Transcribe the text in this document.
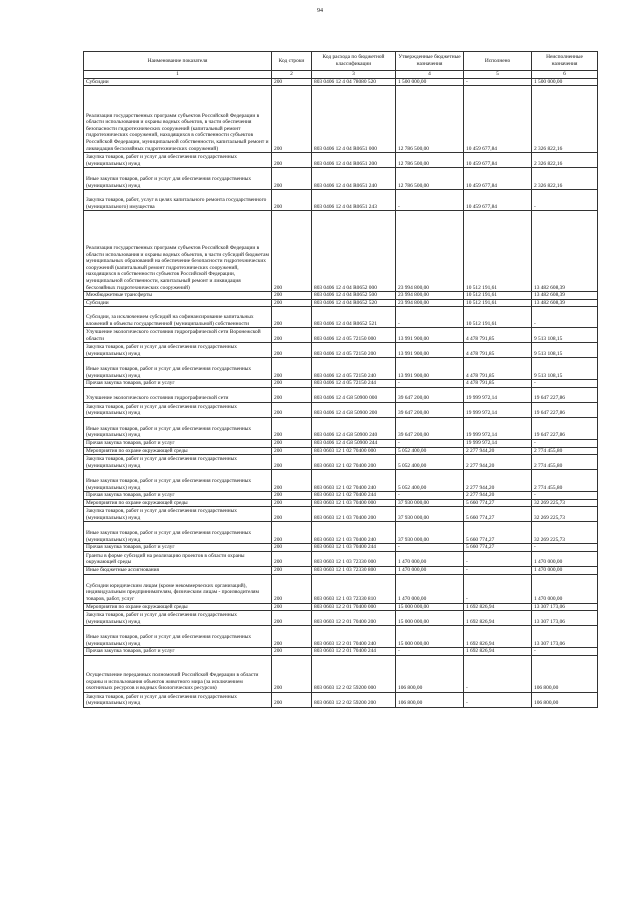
94
Наименование показателя	Код строки	Код расхода по бюджетной классификации	Утвержденные бюджетные назначения	Исполнено	Неисполненные назначения
1	2	3	4	5	6
Субсидии	200	803 0406 12 4 04 78080 520	1 500 000,00	-	1 500 000,00
Реализация государственных программ субъектов Российской Федерации в области использования и охраны водных объектов, в части обеспечения безопасности гидротехнических сооружений (капитальный ремонт гидротехнических сооружений, находящихся в собственности субъектов Российской Федерации, муниципальной собственности, капитальный ремонт и ликвидация бесхозяйных гидротехнических сооружений)	200	803 0406 12 4 04 R0651 000	12 786 500,00	10 459 677,84	2 326 822,16
Закупка товаров, работ и услуг для обеспечения государственных (муниципальных) нужд	200	803 0406 12 4 04 R0651 200	12 786 500,00	10 459 677,84	2 326 822,16
Иные закупки товаров, работ и услуг для обеспечения государственных (муниципальных) нужд	200	803 0406 12 4 04 R0651 240	12 786 500,00	10 459 677,84	2 326 822,16
Закупка товаров, работ, услуг в целях капитального ремонта государственного (муниципального) имущества	200	803 0406 12 4 04 R0651 243	-	10 459 677,84	-
Реализация государственных программ субъектов Российской Федерации в области использования и охраны водных объектов, в части субсидий бюджетам муниципальных образований на обеспечение безопасности гидротехнических сооружений (капитальный ремонт гидротехнических сооружений, находящихся в собственности субъектов Российской Федерации, муниципальной собственности, капитальный ремонт и ликвидация бесхозяйных гидротехнических сооружений)	200	803 0406 12 4 04 R0652 000	23 994 800,00	10 512 191,61	13 482 608,39
Межбюджетные трансферты	200	803 0406 12 4 04 R0652 500	23 994 800,00	10 512 191,61	13 482 608,39
Субсидии	200	803 0406 12 4 04 R0652 520	23 994 800,00	10 512 191,61	13 482 608,39
Субсидии, за исключением субсидий на софинансирование капитальных вложений в объекты государственной (муниципальной) собственности	200	803 0406 12 4 04 R0652 521	-	10 512 191,61	-
Улучшение экологического состояния гидрографической сети Воронежской области	200	803 0406 12 4 05 72150 000	13 991 900,00	4 478 791,85	9 513 108,15
Закупка товаров, работ и услуг для обеспечения государственных (муниципальных) нужд	200	803 0406 12 4 05 72150 200	13 991 900,00	4 478 791,85	9 513 108,15
Иные закупки товаров, работ и услуг для обеспечения государственных (муниципальных) нужд	200	803 0406 12 4 05 72150 240	13 991 900,00	4 478 791,85	9 513 108,15
Прочая закупка товаров, работ и услуг	200	803 0406 12 4 05 72150 244	-	4 478 791,85	-
Улучшение экологического состояния гидрографической сети	200	803 0406 12 4 G8 50900 000	39 647 200,00	19 999 972,14	19 647 227,86
Закупка товаров, работ и услуг для обеспечения государственных (муниципальных) нужд	200	803 0406 12 4 G8 50900 200	39 647 200,00	19 999 972,14	19 647 227,86
Иные закупки товаров, работ и услуг для обеспечения государственных (муниципальных) нужд	200	803 0406 12 4 G8 50900 240	39 647 200,00	19 999 972,14	19 647 227,86
Прочая закупка товаров, работ и услуг	200	803 0406 12 4 G8 50900 244	-	19 999 972,14	-
Мероприятия по охране окружающей среды	200	803 0603 12 1 02 70400 000	5 052 400,00	2 277 944,20	2 774 455,80
Закупка товаров, работ и услуг для обеспечения государственных (муниципальных) нужд	200	803 0603 12 1 02 70400 200	5 052 400,00	2 277 944,20	2 774 455,80
Иные закупки товаров, работ и услуг для обеспечения государственных (муниципальных) нужд	200	803 0603 12 1 02 70400 240	5 052 400,00	2 277 944,20	2 774 455,80
Прочая закупка товаров, работ и услуг	200	803 0603 12 1 02 70400 244	-	2 277 944,20	-
Мероприятия по охране окружающей среды	200	803 0603 12 1 03 70400 000	37 930 000,00	5 660 774,27	32 269 225,73
Закупка товаров, работ и услуг для обеспечения государственных (муниципальных) нужд	200	803 0603 12 1 03 70400 200	37 930 000,00	5 660 774,27	32 269 225,73
Иные закупки товаров, работ и услуг для обеспечения государственных (муниципальных) нужд	200	803 0603 12 1 03 70400 240	37 930 000,00	5 660 774,27	32 269 225,73
Прочая закупка товаров, работ и услуг	200	803 0603 12 1 03 70400 244	-	5 660 774,27	-
Гранты в форме субсидий на реализацию проектов в области охраны окружающей среды	200	803 0603 12 1 03 72330 000	1 470 000,00	-	1 470 000,00
Иные бюджетные ассигнования	200	803 0603 12 1 03 72330 800	1 470 000,00	-	1 470 000,00
Субсидии юридическим лицам (кроме некоммерческих организаций), индивидуальным предпринимателям, физическим лицам - производителям товаров, работ, услуг	200	803 0603 12 1 03 72330 810	1 470 000,00	-	1 470 000,00
Мероприятия по охране окружающей среды	200	803 0603 12 2 01 70400 000	15 000 000,00	1 692 826,94	13 307 173,06
Закупка товаров, работ и услуг для обеспечения государственных (муниципальных) нужд	200	803 0603 12 2 01 70400 200	15 000 000,00	1 692 826,94	13 307 173,06
Иные закупки товаров, работ и услуг для обеспечения государственных (муниципальных) нужд	200	803 0603 12 2 01 70400 240	15 000 000,00	1 692 826,94	13 307 173,06
Прочая закупка товаров, работ и услуг	200	803 0603 12 2 01 70400 244	-	1 692 826,94	-
Осуществление переданных полномочий Российской Федерации в области охраны и использования объектов животного мира (за исключением охотничьих ресурсов и водных биологических ресурсов)	200	803 0603 12 2 02 59200 000	106 800,00	-	106 800,00
Закупка товаров, работ и услуг для обеспечения государственных (муниципальных) нужд	200	803 0603 12 2 02 59200 200	106 800,00	-	106 800,00
